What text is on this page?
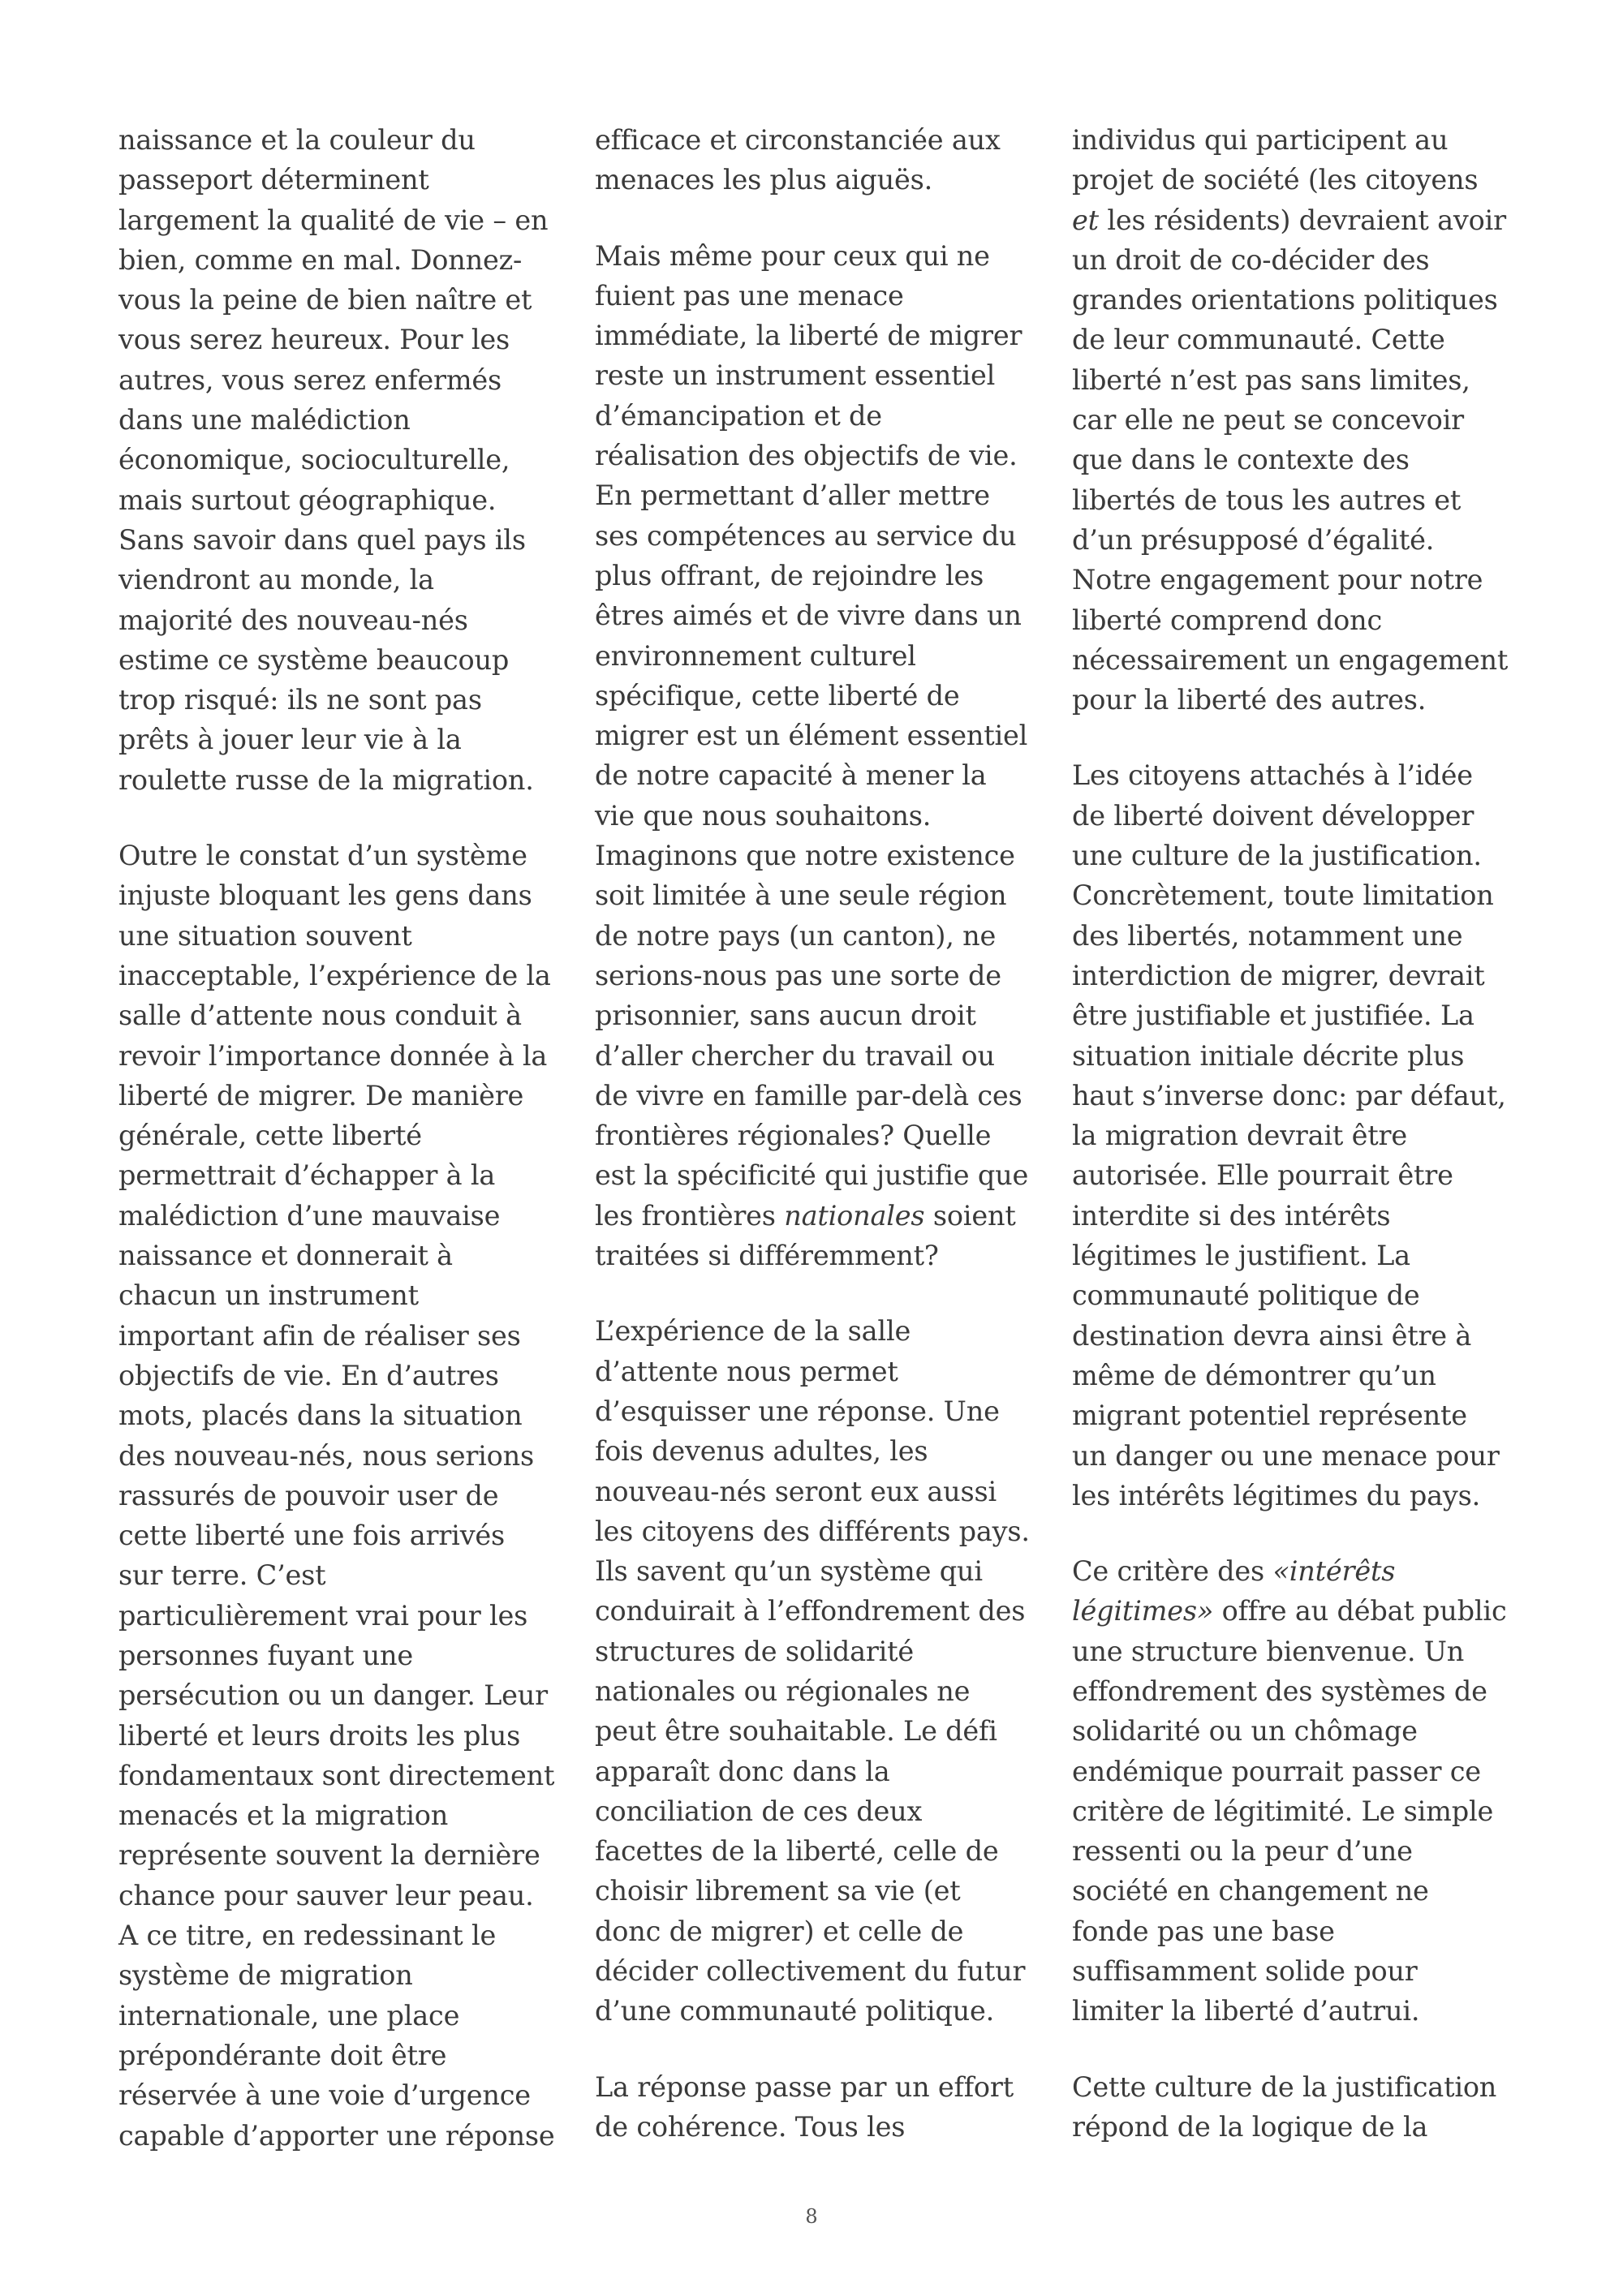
naissance et la couleur du
passeport déterminent
largement la qualité de vie – en
bien, comme en mal. Donnez-
vous la peine de bien naître et
vous serez heureux. Pour les
autres, vous serez enfermés
dans une malédiction
économique, socioculturelle,
mais surtout géographique.
Sans savoir dans quel pays ils
viendront au monde, la
majorité des nouveau-nés
estime ce système beaucoup
trop risqué: ils ne sont pas
prêts à jouer leur vie à la
roulette russe de la migration.
Outre le constat d’un système
injuste bloquant les gens dans
une situation souvent
inacceptable, l’expérience de la
salle d’attente nous conduit à
revoir l’importance donnée à la
liberté de migrer. De manière
générale, cette liberté
permettrait d’échapper à la
malédiction d’une mauvaise
naissance et donnerait à
chacun un instrument
important afin de réaliser ses
objectifs de vie. En d’autres
mots, placés dans la situation
des nouveau-nés, nous serions
rassurés de pouvoir user de
cette liberté une fois arrivés
sur terre. C’est
particulièrement vrai pour les
personnes fuyant une
persécution ou un danger. Leur
liberté et leurs droits les plus
fondamentaux sont directement
menacés et la migration
représente souvent la dernière
chance pour sauver leur peau.
A ce titre, en redessinant le
système de migration
internationale, une place
prépondérante doit être
réservée à une voie d’urgence
capable d’apporter une réponse
efficace et circonstanciée aux
menaces les plus aiguës.
Mais même pour ceux qui ne
fuient pas une menace
immédiate, la liberté de migrer
reste un instrument essentiel
d’émancipation et de
réalisation des objectifs de vie.
En permettant d’aller mettre
ses compétences au service du
plus offrant, de rejoindre les
êtres aimés et de vivre dans un
environnement culturel
spécifique, cette liberté de
migrer est un élément essentiel
de notre capacité à mener la
vie que nous souhaitons.
Imaginons que notre existence
soit limitée à une seule région
de notre pays (un canton), ne
serions-nous pas une sorte de
prisonnier, sans aucun droit
d’aller chercher du travail ou
de vivre en famille par-delà ces
frontières régionales? Quelle
est la spécificité qui justifie que
les frontières nationales soient
traitées si différemment?
L’expérience de la salle
d’attente nous permet
d’esquisser une réponse. Une
fois devenus adultes, les
nouveau-nés seront eux aussi
les citoyens des différents pays.
Ils savent qu’un système qui
conduirait à l’effondrement des
structures de solidarité
nationales ou régionales ne
peut être souhaitable. Le défi
apparaît donc dans la
conciliation de ces deux
facettes de la liberté, celle de
choisir librement sa vie (et
donc de migrer) et celle de
décider collectivement du futur
d’une communauté politique.
La réponse passe par un effort
de cohérence. Tous les
individus qui participent au
projet de société (les citoyens
et les résidents) devraient avoir
un droit de co-décider des
grandes orientations politiques
de leur communauté. Cette
liberté n’est pas sans limites,
car elle ne peut se concevoir
que dans le contexte des
libertés de tous les autres et
d’un présupposé d’égalité.
Notre engagement pour notre
liberté comprend donc
nécessairement un engagement
pour la liberté des autres.
Les citoyens attachés à l’idée
de liberté doivent développer
une culture de la justification.
Concrètement, toute limitation
des libertés, notamment une
interdiction de migrer, devrait
être justifiable et justifiée. La
situation initiale décrite plus
haut s’inverse donc: par défaut,
la migration devrait être
autorisée. Elle pourrait être
interdite si des intérêts
légitimes le justifient. La
communauté politique de
destination devra ainsi être à
même de démontrer qu’un
migrant potentiel représente
un danger ou une menace pour
les intérêts légitimes du pays.
Ce critère des «intérêts
légitimes» offre au débat public
une structure bienvenue. Un
effondrement des systèmes de
solidarité ou un chômage
endémique pourrait passer ce
critère de légitimité. Le simple
ressenti ou la peur d’une
société en changement ne
fonde pas une base
suffisamment solide pour
limiter la liberté d’autrui.
Cette culture de la justification
répond de la logique de la
8
